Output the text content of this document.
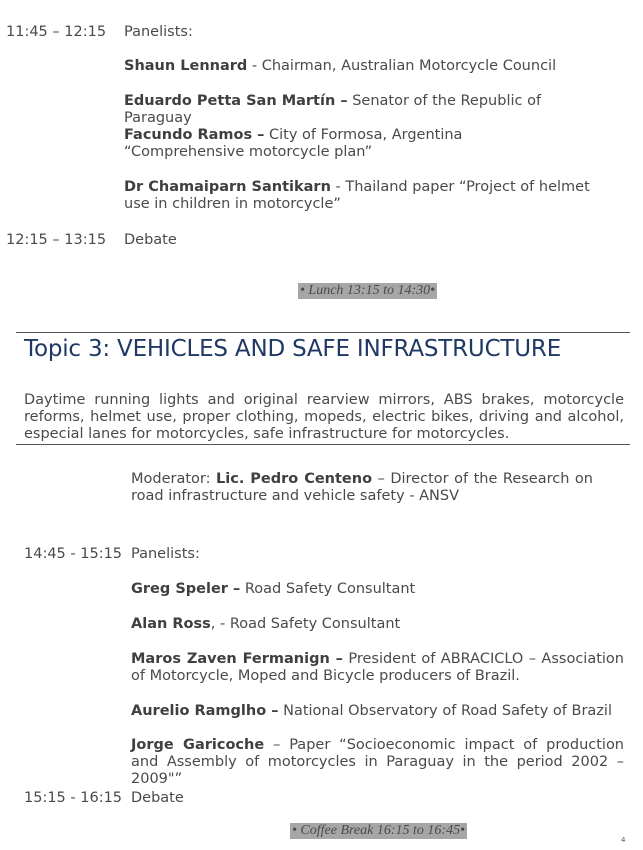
11:45 – 12:15 Panelists:
Shaun Lennard - Chairman, Australian Motorcycle Council
Eduardo Petta San Martín – Senator of the Republic of Paraguay
Facundo Ramos – City of Formosa, Argentina “Comprehensive motorcycle plan”
Dr Chamaiparn Santikarn - Thailand paper “Project of helmet use in children in motorcycle”
12:15 – 13:15 Debate
• Lunch 13:15 to 14:30•
Topic 3: VEHICLES AND SAFE INFRASTRUCTURE
Daytime running lights and original rearview mirrors, ABS brakes, motorcycle reforms, helmet use, proper clothing, mopeds, electric bikes, driving and alcohol, especial lanes for motorcycles, safe infrastructure for motorcycles.
Moderator: Lic. Pedro Centeno – Director of the Research on road infrastructure and vehicle safety - ANSV
14:45 - 15:15 Panelists:
Greg Speler – Road Safety Consultant
Alan Ross, - Road Safety Consultant
Maros Zaven Fermanign – President of ABRACICLO – Association of Motorcycle, Moped and Bicycle producers of Brazil.
Aurelio Ramglho – National Observatory of Road Safety of Brazil
Jorge Garicoche – Paper “Socioeconomic impact of production and Assembly of motorcycles in Paraguay in the period 2002 – 2009"”
15:15 - 16:15 Debate
• Coffee Break 16:15 to 16:45•
4
